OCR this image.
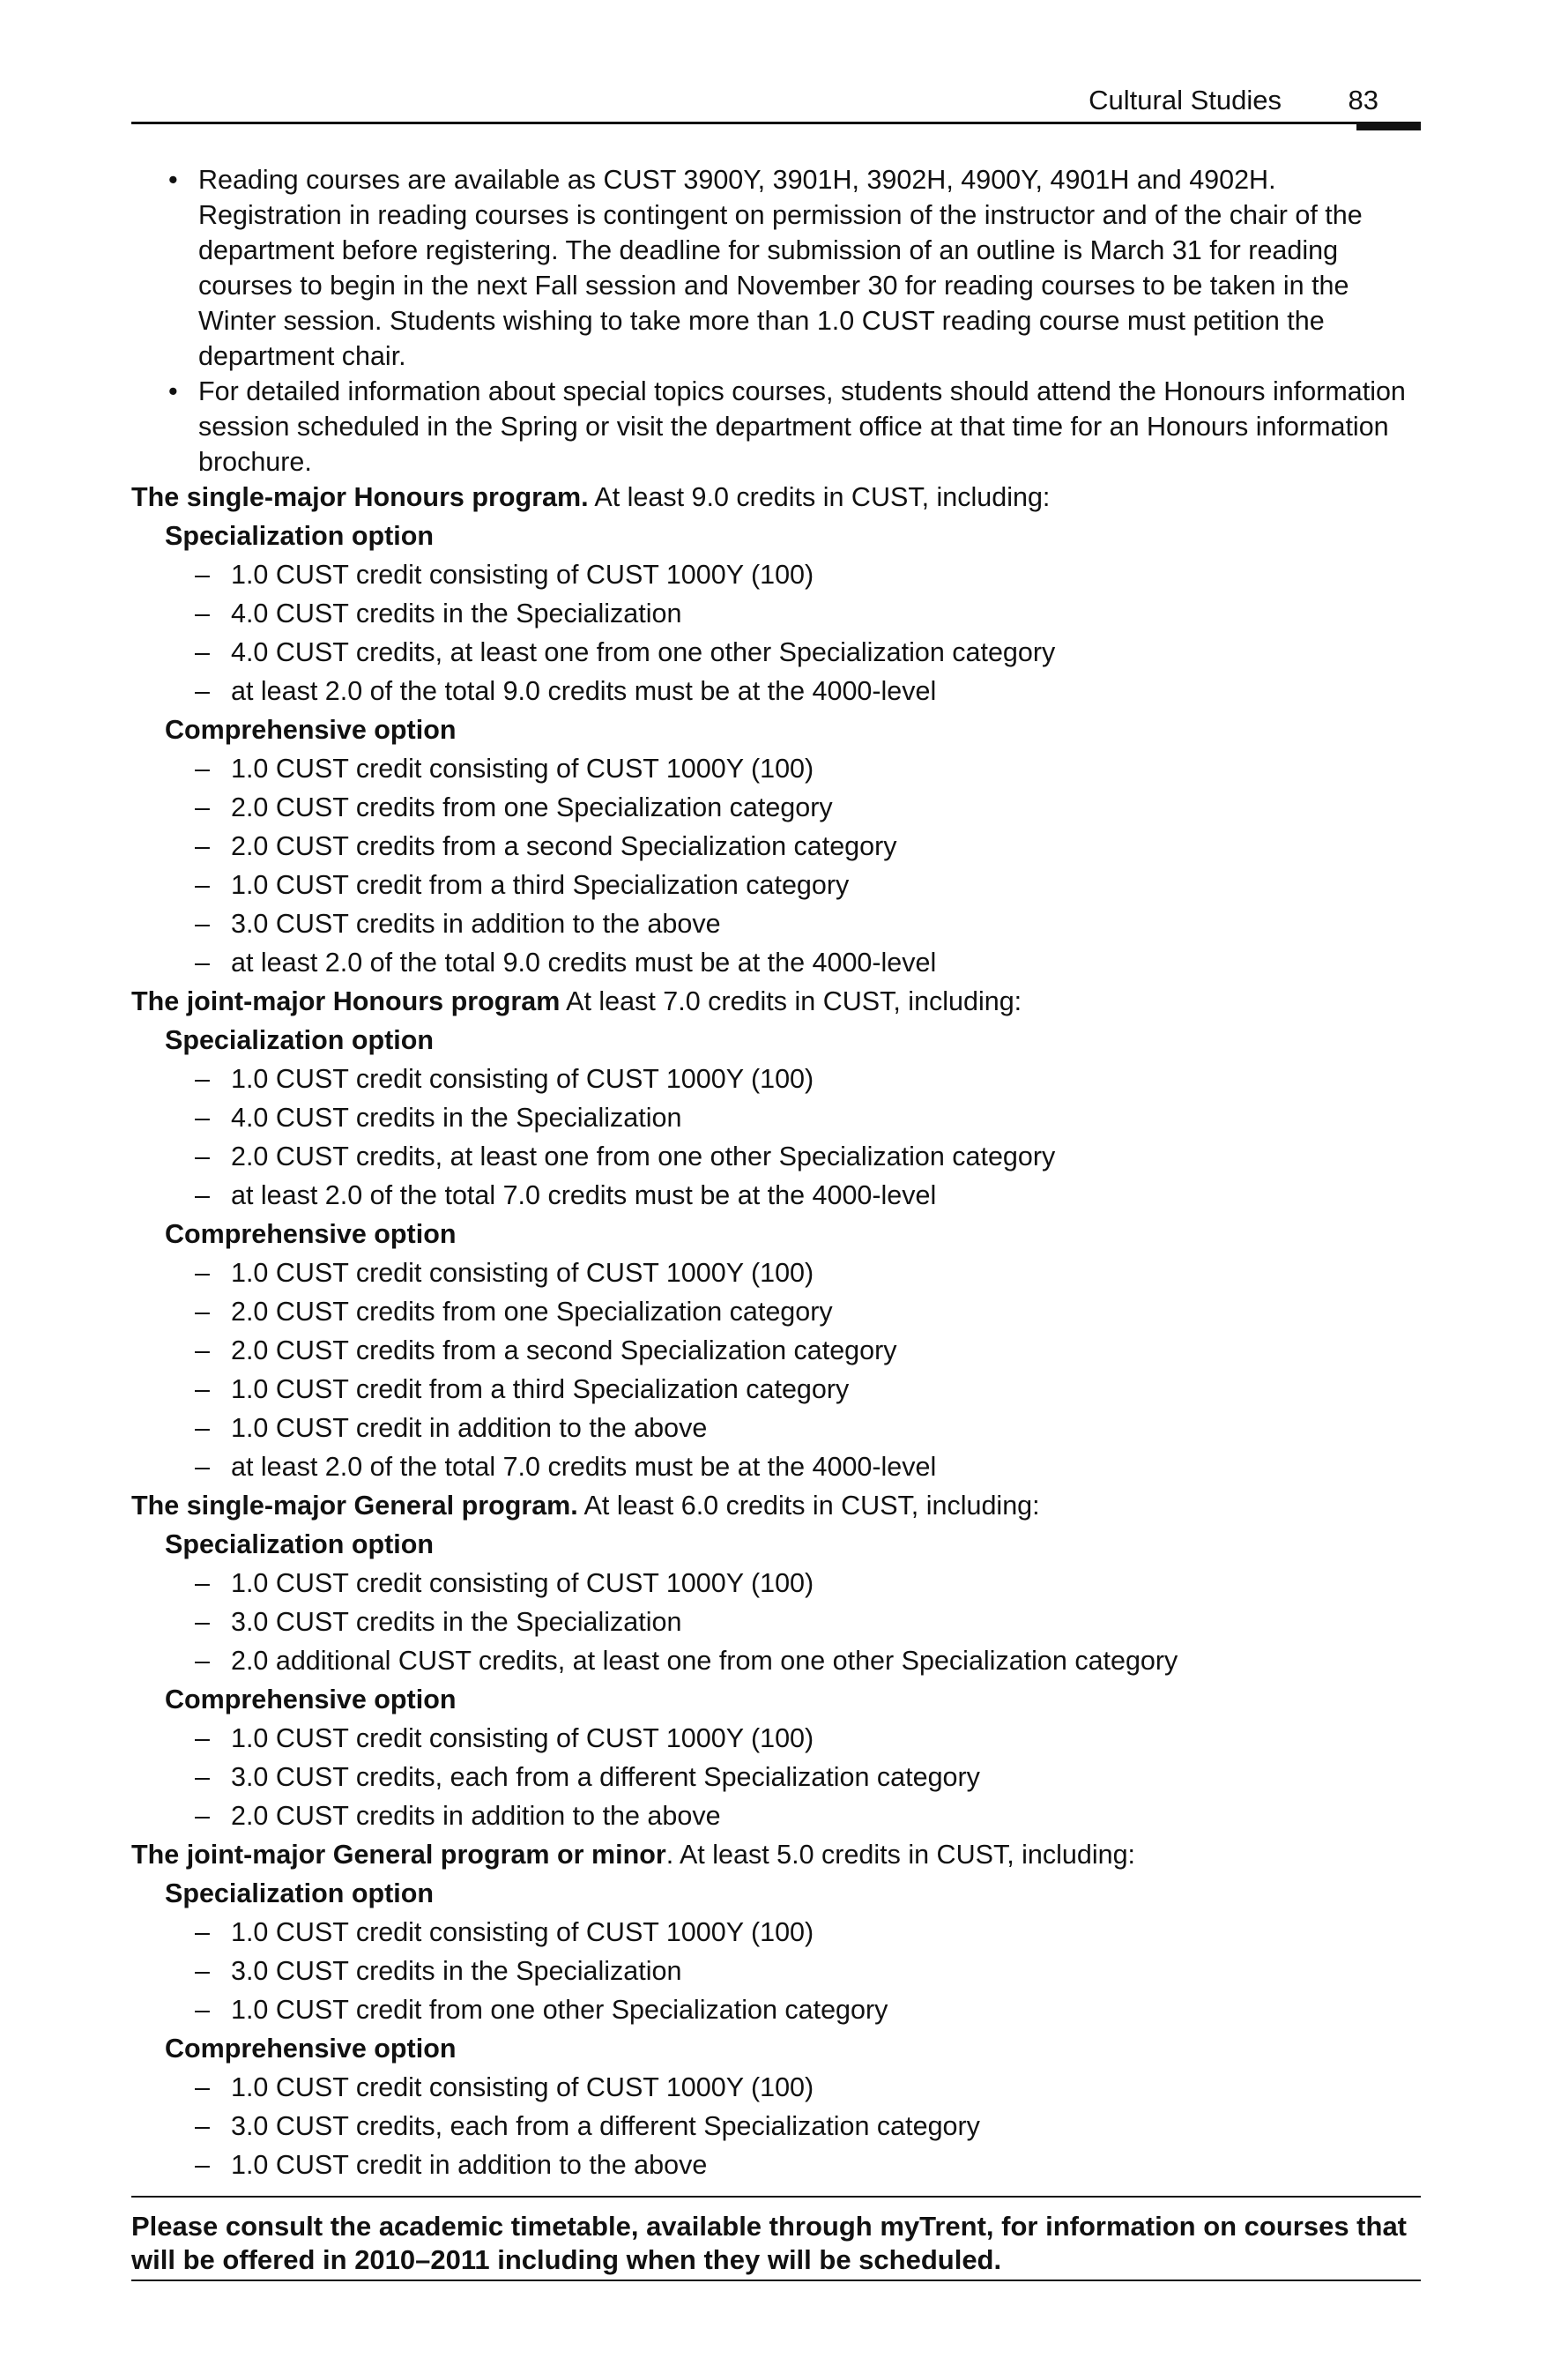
Cultural Studies 83
• Reading courses are available as CUST 3900Y, 3901H, 3902H, 4900Y, 4901H and 4902H. Registration in reading courses is contingent on permission of the instructor and of the chair of the department before registering. The deadline for submission of an outline is March 31 for reading courses to begin in the next Fall session and November 30 for reading courses to be taken in the Winter session. Students wishing to take more than 1.0 CUST reading course must petition the department chair.
• For detailed information about special topics courses, students should attend the Honours information session scheduled in the Spring or visit the department office at that time for an Honours information brochure.

The single-major Honours program. At least 9.0 credits in CUST, including:

Specialization option

– 1.0 CUST credit consisting of CUST 1000Y (100)

– 4.0 CUST credits in the Specialization

– 4.0 CUST credits, at least one from one other Specialization category

– at least 2.0 of the total 9.0 credits must be at the 4000-level

Comprehensive option

– 1.0 CUST credit consisting of CUST 1000Y (100)

– 2.0 CUST credits from one Specialization category

– 2.0 CUST credits from a second Specialization category

– 1.0 CUST credit from a third Specialization category

– 3.0 CUST credits in addition to the above

– at least 2.0 of the total 9.0 credits must be at the 4000-level

The joint-major Honours program At least 7.0 credits in CUST, including:

Specialization option

– 1.0 CUST credit consisting of CUST 1000Y (100)

– 4.0 CUST credits in the Specialization

– 2.0 CUST credits, at least one from one other Specialization category

– at least 2.0 of the total 7.0 credits must be at the 4000-level

Comprehensive option

– 1.0 CUST credit consisting of CUST 1000Y (100)

– 2.0 CUST credits from one Specialization category

– 2.0 CUST credits from a second Specialization category

– 1.0 CUST credit from a third Specialization category

– 1.0 CUST credit in addition to the above

– at least 2.0 of the total 7.0 credits must be at the 4000-level

The single-major General program. At least 6.0 credits in CUST, including:

Specialization option

– 1.0 CUST credit consisting of CUST 1000Y (100)

– 3.0 CUST credits in the Specialization

– 2.0 additional CUST credits, at least one from one other Specialization category

Comprehensive option

– 1.0 CUST credit consisting of CUST 1000Y (100)

– 3.0 CUST credits, each from a different Specialization category

– 2.0 CUST credits in addition to the above

The joint-major General program or minor. At least 5.0 credits in CUST, including:

Specialization option

– 1.0 CUST credit consisting of CUST 1000Y (100)

– 3.0 CUST credits in the Specialization

– 1.0 CUST credit from one other Specialization category

Comprehensive option

– 1.0 CUST credit consisting of CUST 1000Y (100)

– 3.0 CUST credits, each from a different Specialization category

– 1.0 CUST credit in addition to the above

Please consult the academic timetable, available through myTrent, for information on courses that will be offered in 2010–2011 including when they will be scheduled.
